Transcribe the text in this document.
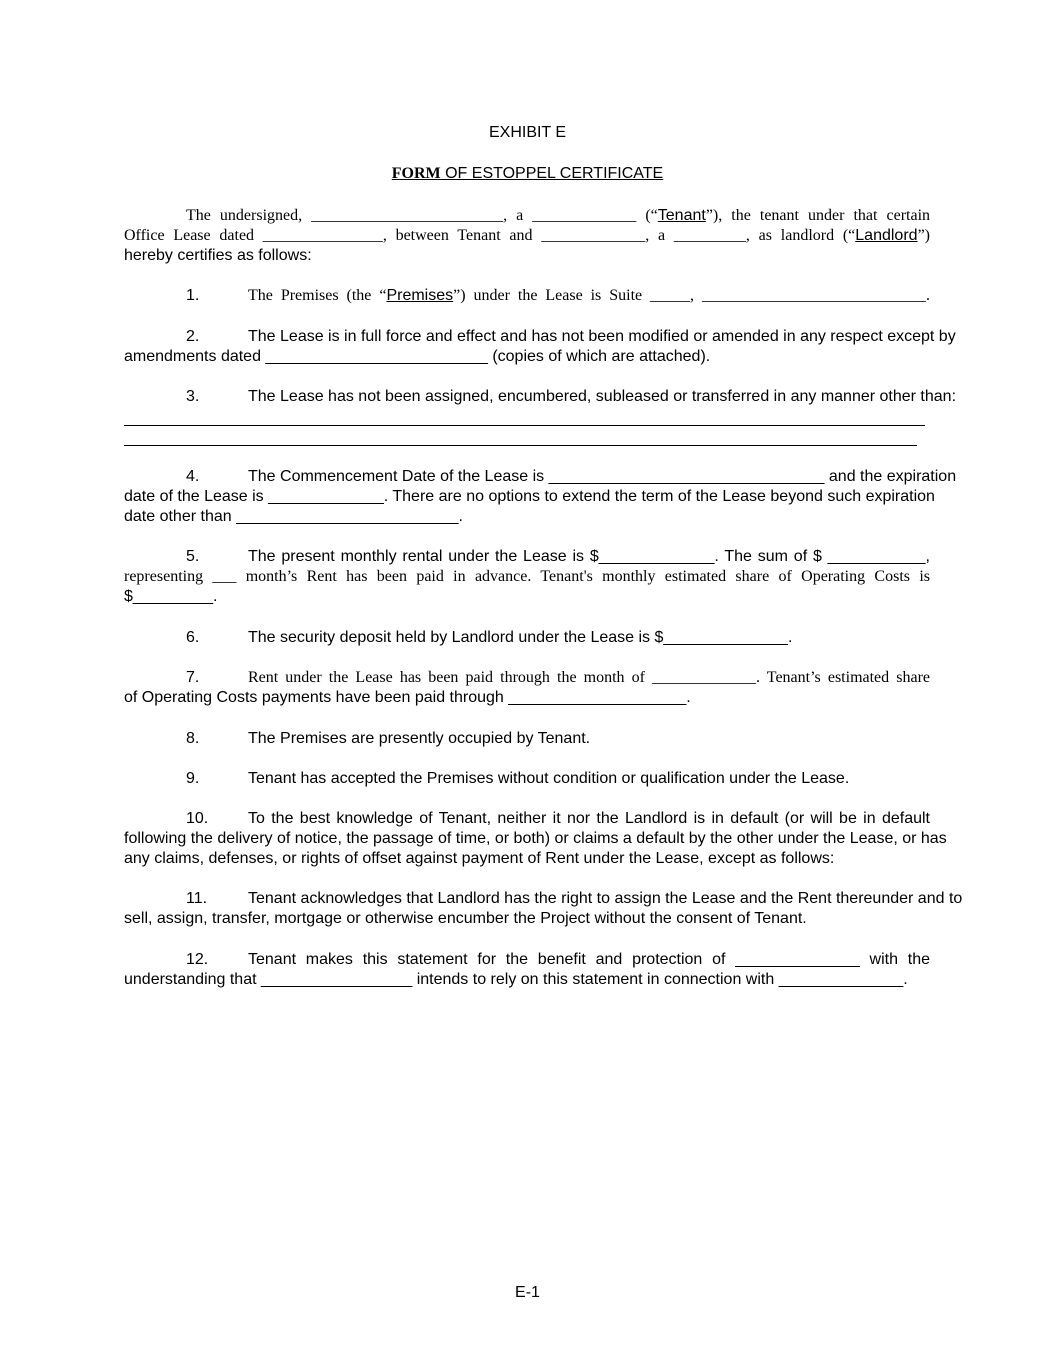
EXHIBIT E
FORM OF ESTOPPEL CERTIFICATE
The undersigned, ________________________, a _____________ (“Tenant”), the tenant under that certain
Office Lease dated _______________, between Tenant and _____________, a _________, as landlord (“Landlord”)
hereby certifies as follows:
1.	The Premises (the “Premises”) under the Lease is Suite _____, ____________________________.
2.	The Lease is in full force and effect and has not been modified or amended in any respect except by
amendments dated _________________________ (copies of which are attached).
3.	The Lease has not been assigned, encumbered, subleased or transferred in any manner other than:
4.	The Commencement Date of the Lease is _______________________________ and the expiration
date of the Lease is _____________. There are no options to extend the term of the Lease beyond such expiration
date other than _________________________.
5.	The present monthly rental under the Lease is $_____________. The sum of $ ___________,
representing ___ month’s Rent has been paid in advance. Tenant's monthly estimated share of Operating Costs is
$_________.
6.	The security deposit held by Landlord under the Lease is $______________.
7.	Rent under the Lease has been paid through the month of _____________. Tenant’s estimated share
of Operating Costs payments have been paid through ____________________.
8.	The Premises are presently occupied by Tenant.
9.	Tenant has accepted the Premises without condition or qualification under the Lease.
10. To the best knowledge of Tenant, neither it nor the Landlord is in default (or will be in default
following the delivery of notice, the passage of time, or both) or claims a default by the other under the Lease, or has
any claims, defenses, or rights of offset against payment of Rent under the Lease, except as follows:
11.	Tenant acknowledges that Landlord has the right to assign the Lease and the Rent thereunder and to
sell, assign, transfer, mortgage or otherwise encumber the Project without the consent of Tenant.
12. Tenant makes this statement for the benefit and protection of ______________ with the
understanding that _________________ intends to rely on this statement in connection with ______________.
E-1
